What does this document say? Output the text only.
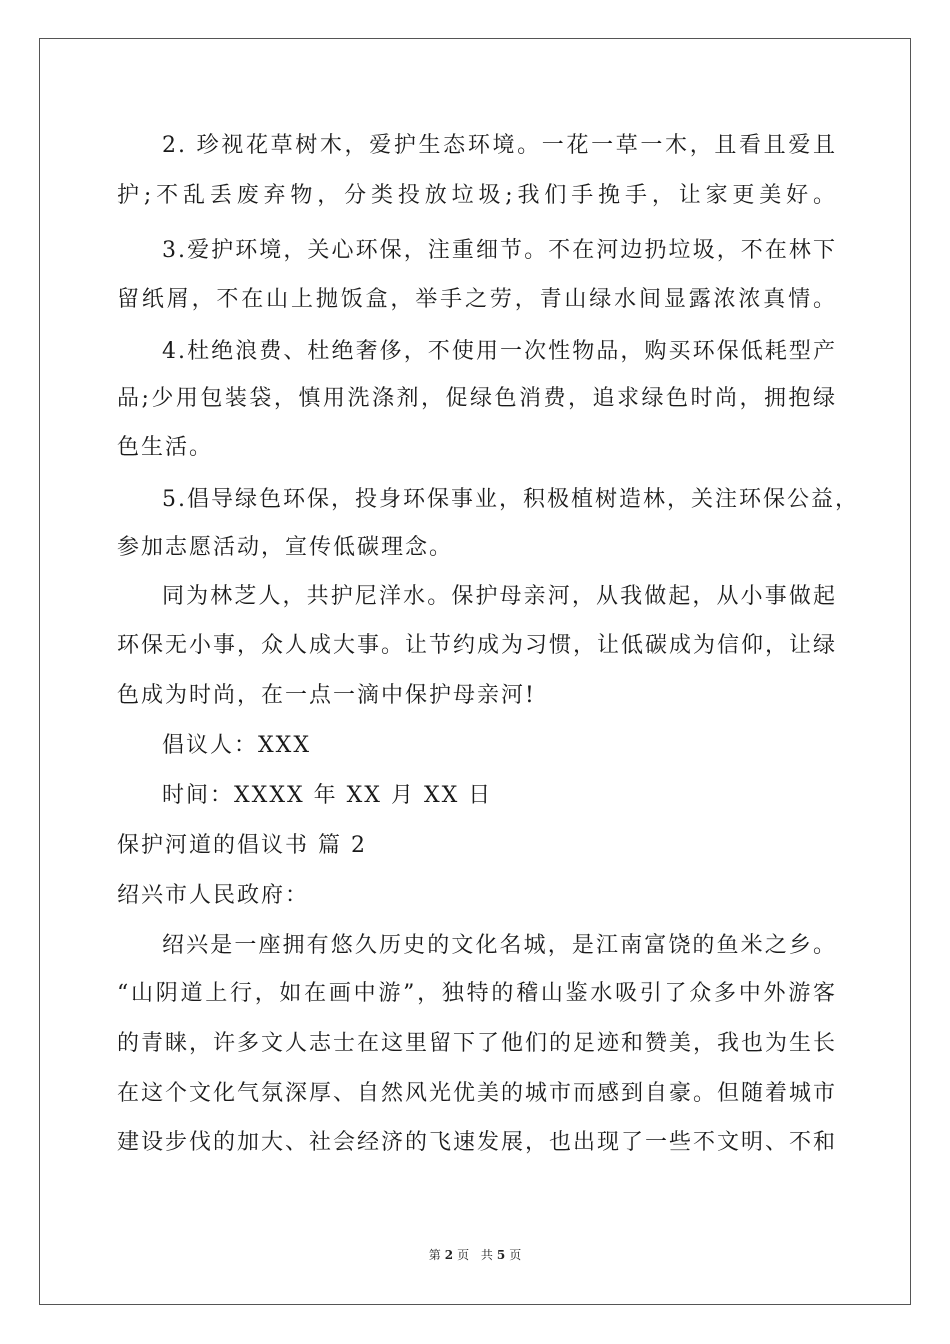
2. 珍视花草树木，爱护生态环境。一花一草一木，且看且爱且
护;不乱丢废弃物，分类投放垃圾;我们手挽手，让家更美好。
3.爱护环境，关心环保，注重细节。不在河边扔垃圾，不在林下
留纸屑，不在山上抛饭盒，举手之劳，青山绿水间显露浓浓真情。
4.杜绝浪费、杜绝奢侈，不使用一次性物品，购买环保低耗型产
品;少用包装袋，慎用洗涤剂，促绿色消费，追求绿色时尚，拥抱绿
色生活。
5.倡导绿色环保，投身环保事业，积极植树造林，关注环保公益，
参加志愿活动，宣传低碳理念。
同为林芝人，共护尼洋水。保护母亲河，从我做起，从小事做起
环保无小事，众人成大事。让节约成为习惯，让低碳成为信仰，让绿
色成为时尚，在一点一滴中保护母亲河!
倡议人：XXX
时间：XXXX 年 XX 月 XX 日
保护河道的倡议书 篇 2
绍兴市人民政府：
绍兴是一座拥有悠久历史的文化名城，是江南富饶的鱼米之乡。
“山阴道上行，如在画中游”，独特的稽山鉴水吸引了众多中外游客
的青睐，许多文人志士在这里留下了他们的足迹和赞美，我也为生长
在这个文化气氛深厚、自然风光优美的城市而感到自豪。但随着城市
建设步伐的加大、社会经济的飞速发展，也出现了一些不文明、不和
第 2 页 共 5 页
